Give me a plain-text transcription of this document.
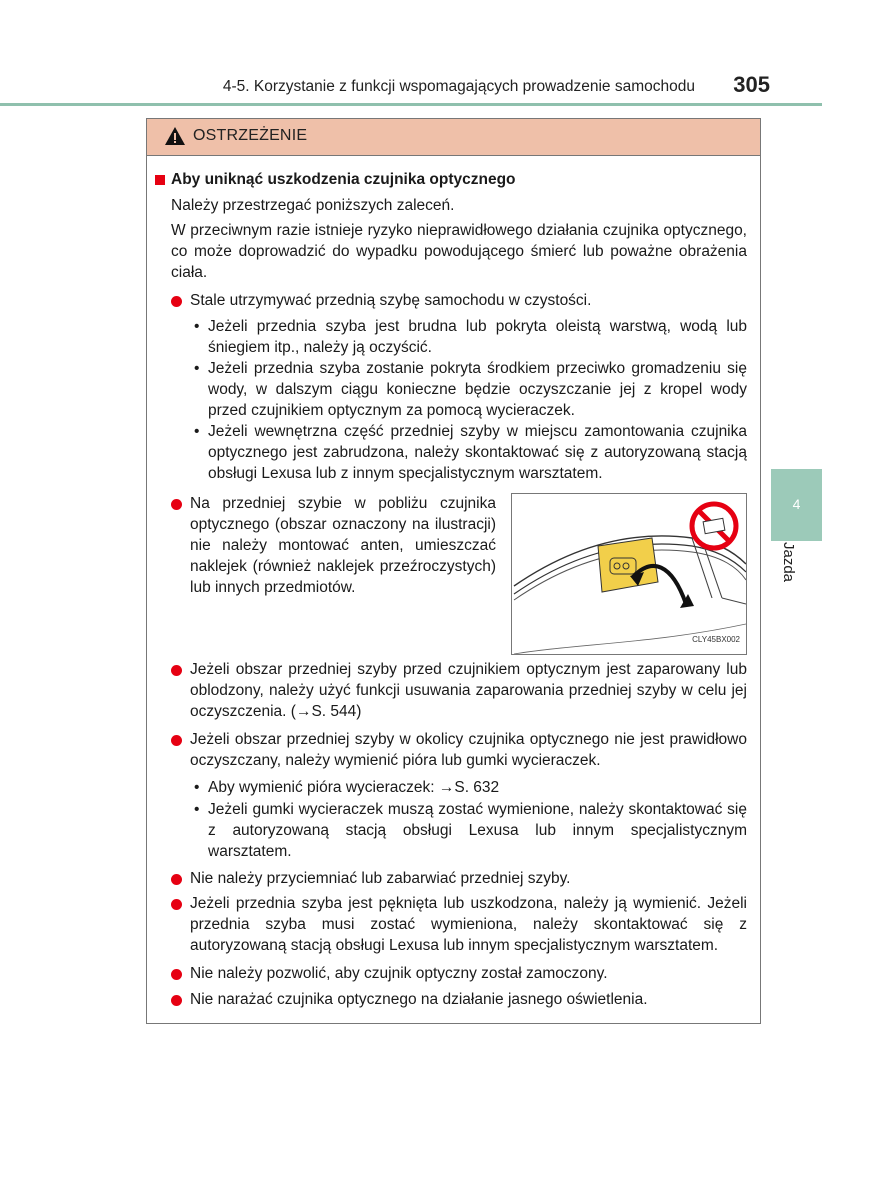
4-5. Korzystanie z funkcji wspomagających prowadzenie samochodu 305
4
Jazda
OSTRZEŻENIE
Aby uniknąć uszkodzenia czujnika optycznego
Należy przestrzegać poniższych zaleceń.
W przeciwnym razie istnieje ryzyko nieprawidłowego działania czujnika optycznego, co może doprowadzić do wypadku powodującego śmierć lub poważne obrażenia ciała.
Stale utrzymywać przednią szybę samochodu w czystości.
• Jeżeli przednia szyba jest brudna lub pokryta oleistą warstwą, wodą lub śniegiem itp., należy ją oczyścić.
• Jeżeli przednia szyba zostanie pokryta środkiem przeciwko gromadzeniu się wody, w dalszym ciągu konieczne będzie oczyszczanie jej z kropel wody przed czujnikiem optycznym za pomocą wycieraczek.
• Jeżeli wewnętrzna część przedniej szyby w miejscu zamontowania czujnika optycznego jest zabrudzona, należy skontaktować się z autoryzowaną stacją obsługi Lexusa lub z innym specjalistycznym warsztatem.
Na przedniej szybie w pobliżu czujnika optycznego (obszar oznaczony na ilustracji) nie należy montować anten, umieszczać naklejek (również naklejek przeźroczystych) lub innych przedmiotów.
Jeżeli obszar przedniej szyby przed czujnikiem optycznym jest zaparowany lub oblodzony, należy użyć funkcji usuwania zaparowania przedniej szyby w celu jej oczyszczenia. (→S. 544)
Jeżeli obszar przedniej szyby w okolicy czujnika optycznego nie jest prawidłowo oczyszczany, należy wymienić pióra lub gumki wycieraczek.
• Aby wymienić pióra wycieraczek: →S. 632
• Jeżeli gumki wycieraczek muszą zostać wymienione, należy skontaktować się z autoryzowaną stacją obsługi Lexusa lub innym specjalistycznym warsztatem.
Nie należy przyciemniać lub zabarwiać przedniej szyby.
Jeżeli przednia szyba jest pęknięta lub uszkodzona, należy ją wymienić. Jeżeli przednia szyba musi zostać wymieniona, należy skontaktować się z autoryzowaną stacją obsługi Lexusa lub innym specjalistycznym warsztatem.
Nie należy pozwolić, aby czujnik optyczny został zamoczony.
Nie narażać czujnika optycznego na działanie jasnego oświetlenia.
CLY45BX002
